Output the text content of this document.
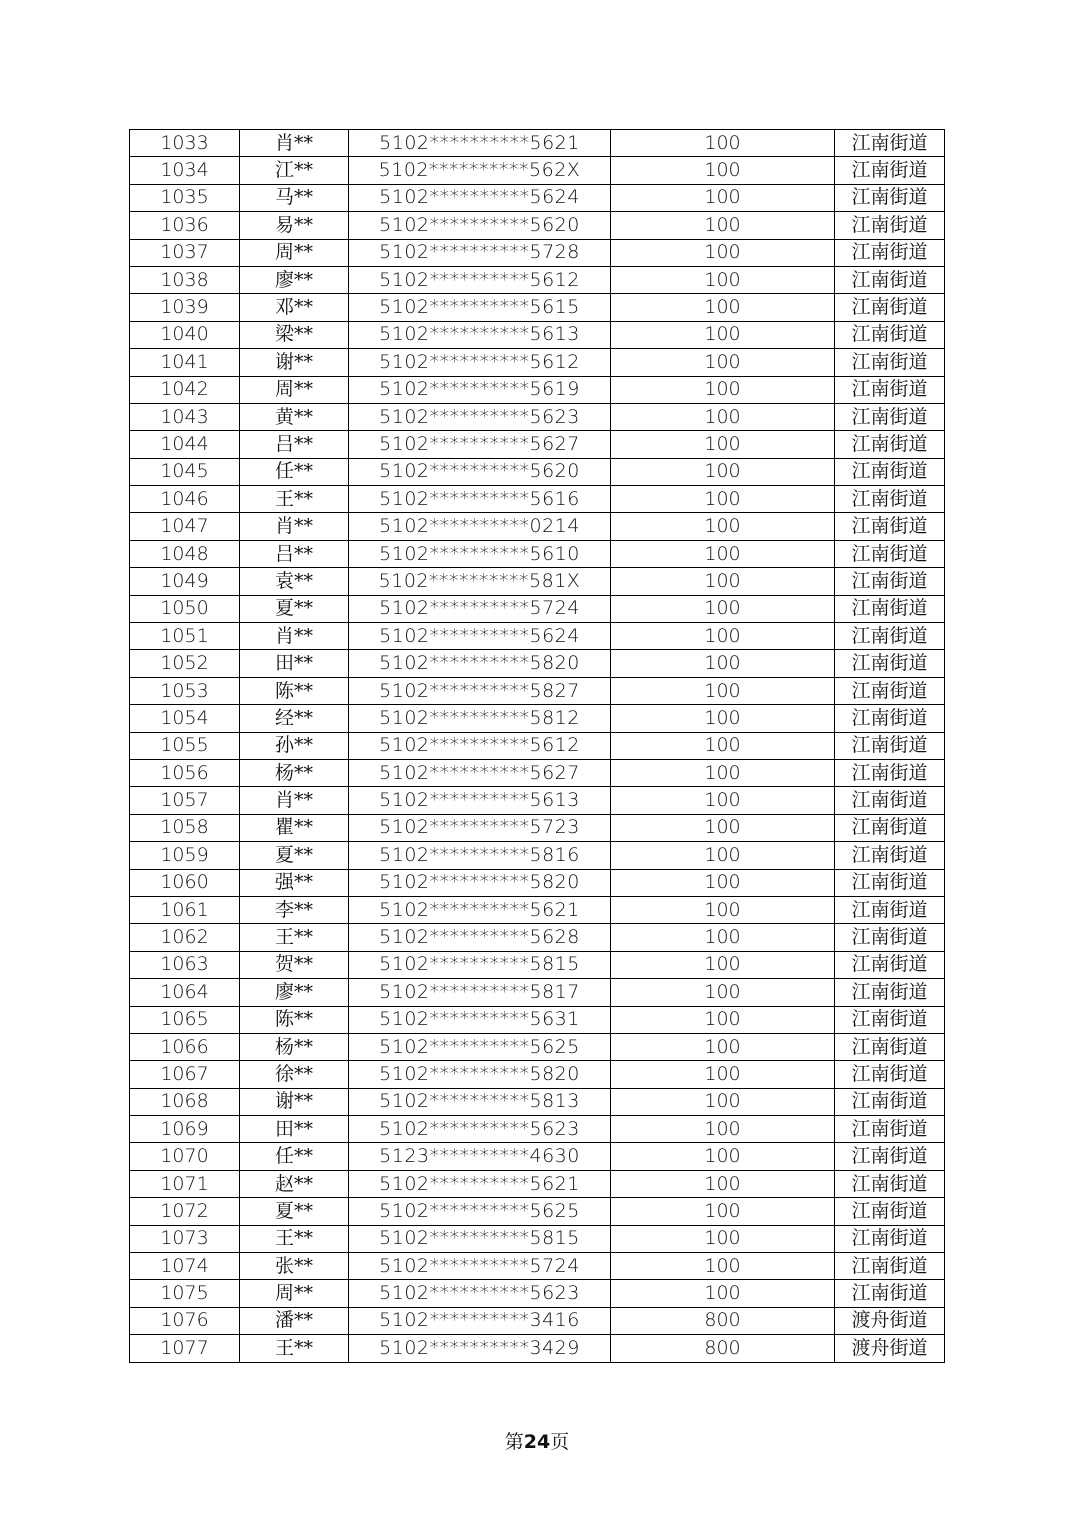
1033	肖**	5102**********5621	100	江南街道
1034	江**	5102**********562X	100	江南街道
1035	马**	5102**********5624	100	江南街道
1036	易**	5102**********5620	100	江南街道
1037	周**	5102**********5728	100	江南街道
1038	廖**	5102**********5612	100	江南街道
1039	邓**	5102**********5615	100	江南街道
1040	梁**	5102**********5613	100	江南街道
1041	谢**	5102**********5612	100	江南街道
1042	周**	5102**********5619	100	江南街道
1043	黄**	5102**********5623	100	江南街道
1044	吕**	5102**********5627	100	江南街道
1045	任**	5102**********5620	100	江南街道
1046	王**	5102**********5616	100	江南街道
1047	肖**	5102**********0214	100	江南街道
1048	吕**	5102**********5610	100	江南街道
1049	袁**	5102**********581X	100	江南街道
1050	夏**	5102**********5724	100	江南街道
1051	肖**	5102**********5624	100	江南街道
1052	田**	5102**********5820	100	江南街道
1053	陈**	5102**********5827	100	江南街道
1054	经**	5102**********5812	100	江南街道
1055	孙**	5102**********5612	100	江南街道
1056	杨**	5102**********5627	100	江南街道
1057	肖**	5102**********5613	100	江南街道
1058	瞿**	5102**********5723	100	江南街道
1059	夏**	5102**********5816	100	江南街道
1060	强**	5102**********5820	100	江南街道
1061	李**	5102**********5621	100	江南街道
1062	王**	5102**********5628	100	江南街道
1063	贺**	5102**********5815	100	江南街道
1064	廖**	5102**********5817	100	江南街道
1065	陈**	5102**********5631	100	江南街道
1066	杨**	5102**********5625	100	江南街道
1067	徐**	5102**********5820	100	江南街道
1068	谢**	5102**********5813	100	江南街道
1069	田**	5102**********5623	100	江南街道
1070	任**	5123**********4630	100	江南街道
1071	赵**	5102**********5621	100	江南街道
1072	夏**	5102**********5625	100	江南街道
1073	王**	5102**********5815	100	江南街道
1074	张**	5102**********5724	100	江南街道
1075	周**	5102**********5623	100	江南街道
1076	潘**	5102**********3416	800	渡舟街道
1077	王**	5102**********3429	800	渡舟街道
第24页
